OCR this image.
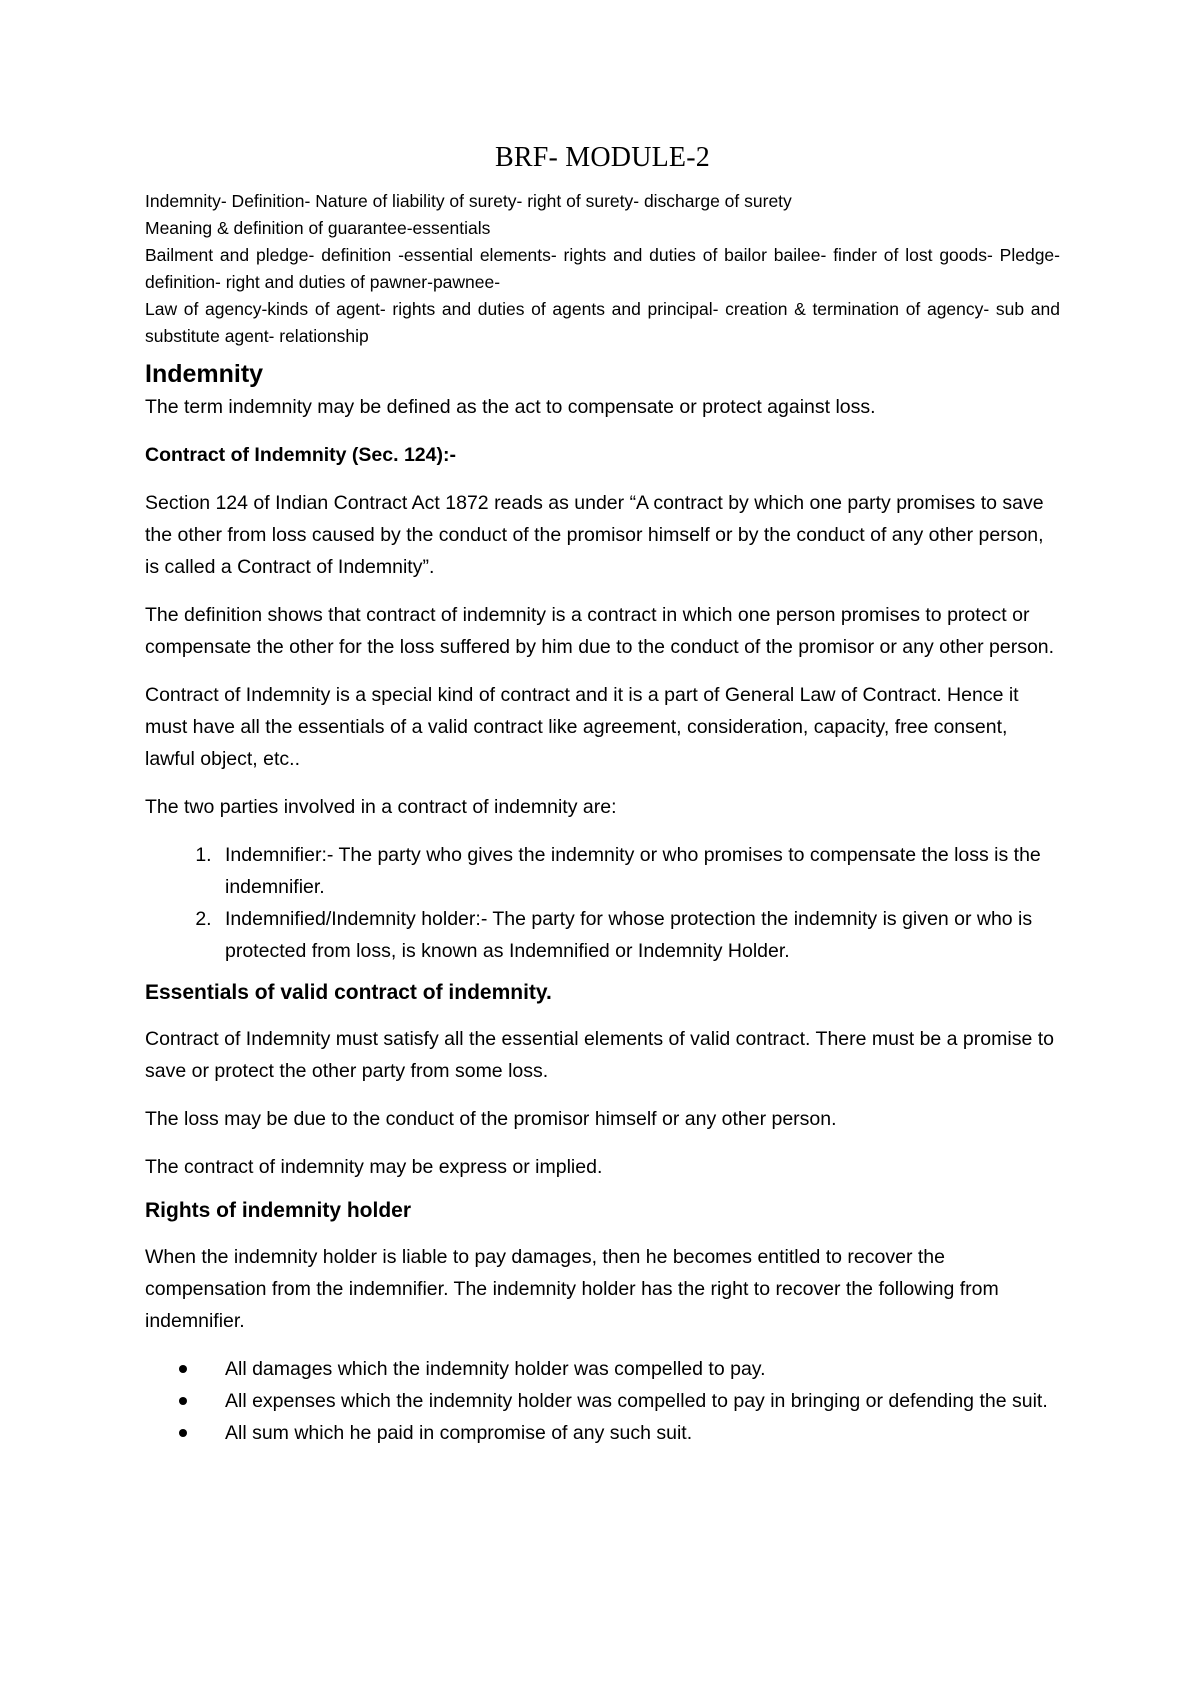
BRF- MODULE-2
Indemnity- Definition- Nature of liability of surety- right of surety- discharge of surety
Meaning & definition of guarantee-essentials
Bailment and pledge- definition -essential elements- rights and duties of bailor bailee- finder of lost goods- Pledge- definition- right and duties of pawner-pawnee-
Law of agency-kinds of agent- rights and duties of agents and principal- creation & termination of agency- sub and substitute agent- relationship
Indemnity

The term indemnity may be defined as the act to compensate or protect against loss.

Contract of Indemnity (Sec. 124):-

Section 124 of Indian Contract Act 1872 reads as under “A contract by which one party promises to save the other from loss caused by the conduct of the promisor himself or by the conduct of any other person, is called a Contract of Indemnity”.

The definition shows that contract of indemnity is a contract in which one person promises to protect or compensate the other for the loss suffered by him due to the conduct of the promisor or any other person.

Contract of Indemnity is a special kind of contract and it is a part of General Law of Contract. Hence it must have all the essentials of a valid contract like agreement, consideration, capacity, free consent, lawful object, etc..

The two parties involved in a contract of indemnity are:

1. Indemnifier:- The party who gives the indemnity or who promises to compensate the loss is the indemnifier.
2. Indemnified/Indemnity holder:- The party for whose protection the indemnity is given or who is protected from loss, is known as Indemnified or Indemnity Holder.
Essentials of valid contract of indemnity.

Contract of Indemnity must satisfy all the essential elements of valid contract. There must be a promise to save or protect the other party from some loss.

The loss may be due to the conduct of the promisor himself or any other person.

The contract of indemnity may be express or implied.

Rights of indemnity holder

When the indemnity holder is liable to pay damages, then he becomes entitled to recover the compensation from the indemnifier. The indemnity holder has the right to recover the following from indemnifier.

All damages which the indemnity holder was compelled to pay.
All expenses which the indemnity holder was compelled to pay in bringing or defending the suit.
All sum which he paid in compromise of any such suit.
